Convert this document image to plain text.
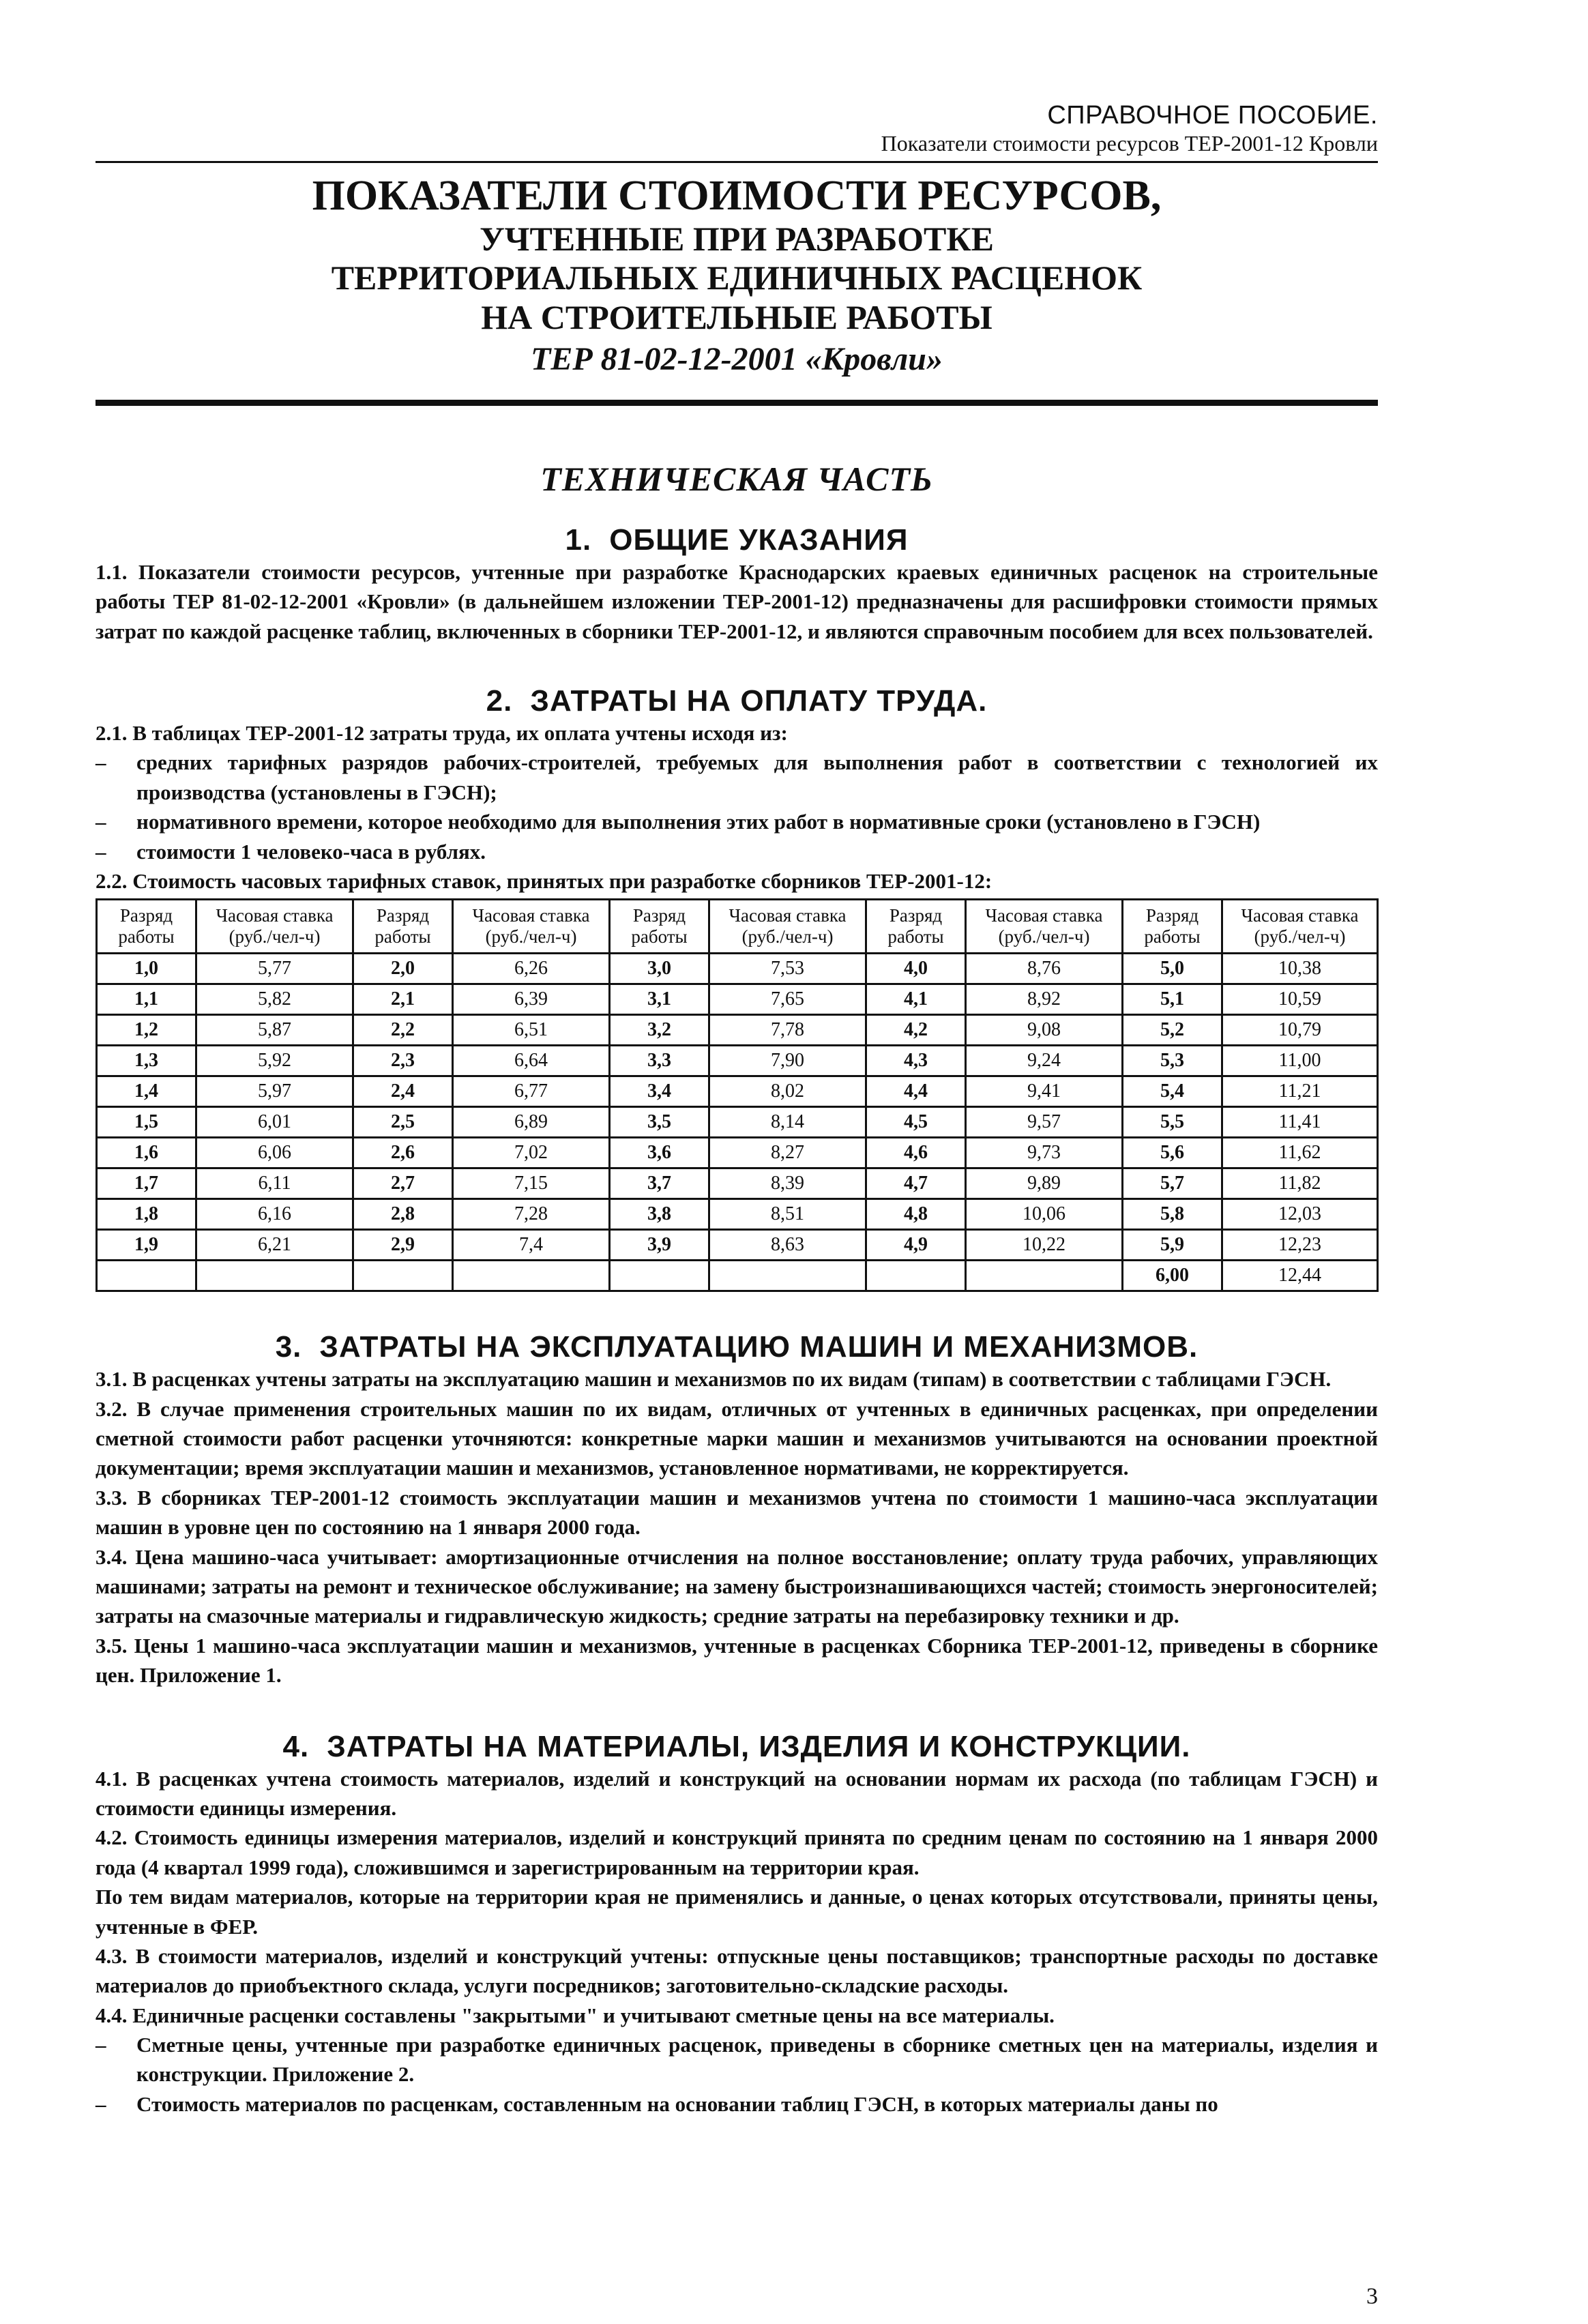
СПРАВОЧНОЕ ПОСОБИЕ.
Показатели стоимости ресурсов ТЕР-2001-12 Кровли
ПОКАЗАТЕЛИ СТОИМОСТИ РЕСУРСОВ,
УЧТЕННЫЕ ПРИ РАЗРАБОТКЕ
ТЕРРИТОРИАЛЬНЫХ ЕДИНИЧНЫХ РАСЦЕНОК
НА СТРОИТЕЛЬНЫЕ РАБОТЫ
ТЕР 81-02-12-2001 «Кровли»
ТЕХНИЧЕСКАЯ ЧАСТЬ
1. ОБЩИЕ УКАЗАНИЯ

1.1. Показатели стоимости ресурсов, учтенные при разработке Краснодарских краевых единичных расценок на строительные работы ТЕР 81-02-12-2001 «Кровли» (в дальнейшем изложении ТЕР-2001-12) предназначены для расшифровки стоимости прямых затрат по каждой расценке таблиц, включенных в сборники ТЕР-2001-12, и являются справочным пособием для всех пользователей.

2. ЗАТРАТЫ НА ОПЛАТУ ТРУДА.

2.1. В таблицах ТЕР-2001-12 затраты труда, их оплата учтены исходя из:

–	средних тарифных разрядов рабочих-строителей, требуемых для выполнения работ в соответствии с технологией их производства (установлены в ГЭСН);
–	нормативного времени, которое необходимо для выполнения этих работ в нормативные сроки (установлено в ГЭСН)
–	стоимости 1 человеко-часа в рублях.

2.2. Стоимость часовых тарифных ставок, принятых при разработке сборников ТЕР-2001-12:

Разряд работы	Часовая ставка (руб./чел-ч)	Разряд работы	Часовая ставка (руб./чел-ч)	Разряд работы	Часовая ставка (руб./чел-ч)	Разряд работы	Часовая ставка (руб./чел-ч)	Разряд работы	Часовая ставка (руб./чел-ч)
1,0	5,77	2,0	6,26	3,0	7,53	4,0	8,76	5,0	10,38
1,1	5,82	2,1	6,39	3,1	7,65	4,1	8,92	5,1	10,59
1,2	5,87	2,2	6,51	3,2	7,78	4,2	9,08	5,2	10,79
1,3	5,92	2,3	6,64	3,3	7,90	4,3	9,24	5,3	11,00
1,4	5,97	2,4	6,77	3,4	8,02	4,4	9,41	5,4	11,21
1,5	6,01	2,5	6,89	3,5	8,14	4,5	9,57	5,5	11,41
1,6	6,06	2,6	7,02	3,6	8,27	4,6	9,73	5,6	11,62
1,7	6,11	2,7	7,15	3,7	8,39	4,7	9,89	5,7	11,82
1,8	6,16	2,8	7,28	3,8	8,51	4,8	10,06	5,8	12,03
1,9	6,21	2,9	7,4	3,9	8,63	4,9	10,22	5,9	12,23
								6,00	12,44
3. ЗАТРАТЫ НА ЭКСПЛУАТАЦИЮ МАШИН И МЕХАНИЗМОВ.

3.1. В расценках учтены затраты на эксплуатацию машин и механизмов по их видам (типам) в соответствии с таблицами ГЭСН.

3.2. В случае применения строительных машин по их видам, отличных от учтенных в единичных расценках, при определении сметной стоимости работ расценки уточняются: конкретные марки машин и механизмов учитываются на основании проектной документации; время эксплуатации машин и механизмов, установленное нормативами, не корректируется.

3.3. В сборниках ТЕР-2001-12 стоимость эксплуатации машин и механизмов учтена по стоимости 1 машино-часа эксплуатации машин в уровне цен по состоянию на 1 января 2000 года.

3.4. Цена машино-часа учитывает: амортизационные отчисления на полное восстановление; оплату труда рабочих, управляющих машинами; затраты на ремонт и техническое обслуживание; на замену быстроизнашивающихся частей; стоимость энергоносителей; затраты на смазочные материалы и гидравлическую жидкость; средние затраты на перебазировку техники и др.

3.5. Цены 1 машино-часа эксплуатации машин и механизмов, учтенные в расценках Сборника ТЕР-2001-12, приведены в сборнике цен. Приложение 1.

4. ЗАТРАТЫ НА МАТЕРИАЛЫ, ИЗДЕЛИЯ И КОНСТРУКЦИИ.

4.1. В расценках учтена стоимость материалов, изделий и конструкций на основании нормам их расхода (по таблицам ГЭСН) и стоимости единицы измерения.

4.2. Стоимость единицы измерения материалов, изделий и конструкций принята по средним ценам по состоянию на 1 января 2000 года (4 квартал 1999 года), сложившимся и зарегистрированным на территории края.

По тем видам материалов, которые на территории края не применялись и данные, о ценах которых отсутствовали, приняты цены, учтенные в ФЕР.

4.3. В стоимости материалов, изделий и конструкций учтены: отпускные цены поставщиков; транспортные расходы по доставке материалов до приобъектного склада, услуги посредников; заготовительно-складские расходы.

4.4. Единичные расценки составлены "закрытыми" и учитывают сметные цены на все материалы.

–	Сметные цены, учтенные при разработке единичных расценок, приведены в сборнике сметных цен на материалы, изделия и конструкции. Приложение 2.
–	Стоимость материалов по расценкам, составленным на основании таблиц ГЭСН, в которых материалы даны по
3
